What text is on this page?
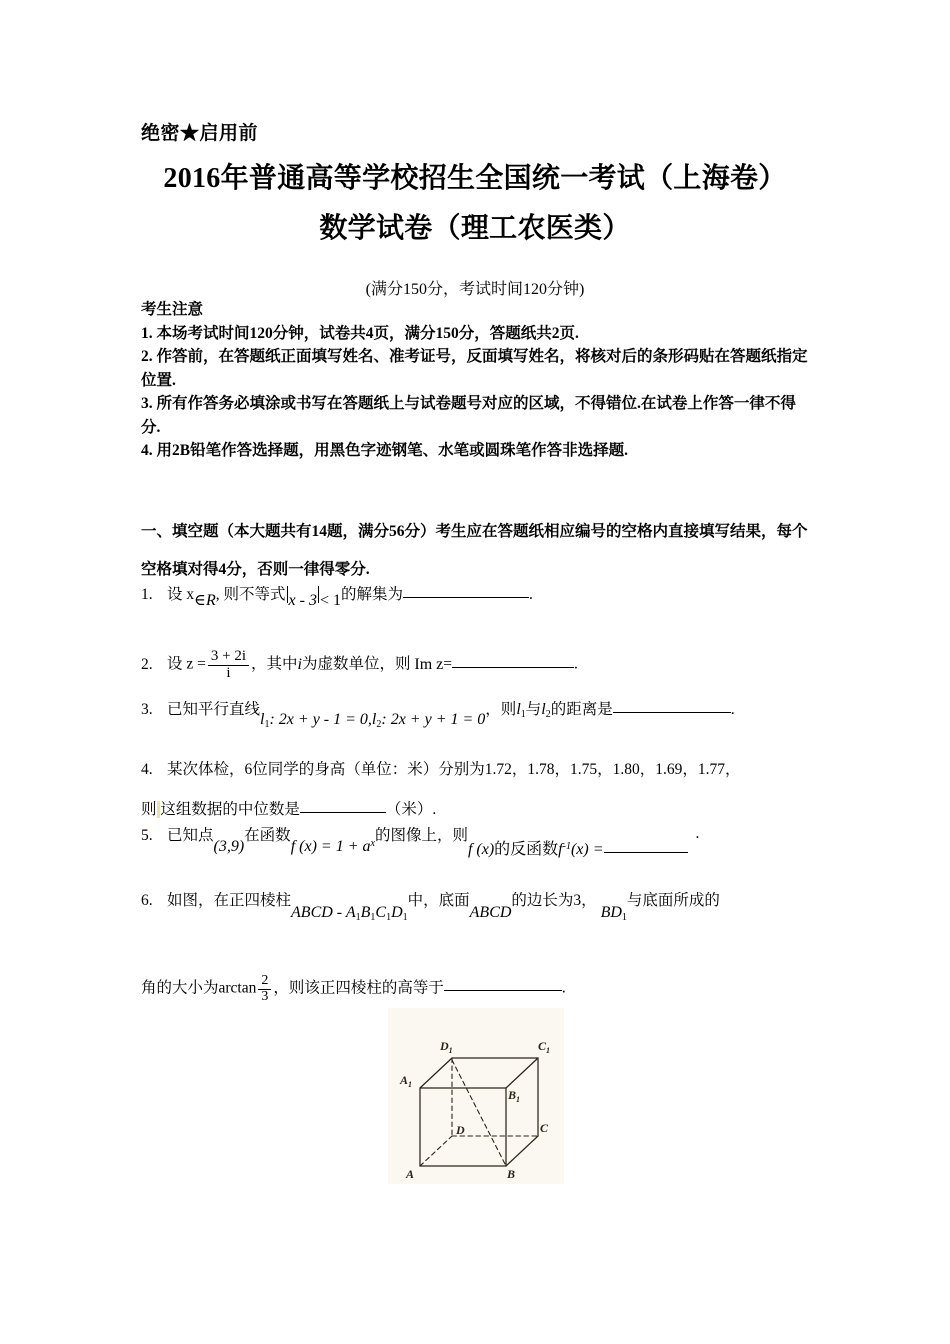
绝密★启用前
2016年普通高等学校招生全国统一考试（上海卷）
数学试卷（理工农医类）
(满分150分，考试时间120分钟)

考生注意

1. 本场考试时间120分钟，试卷共4页，满分150分，答题纸共2页.

2. 作答前，在答题纸正面填写姓名、准考证号，反面填写姓名，将核对后的条形码贴在答题纸指定位置.

3. 所有作答务必填涂或书写在答题纸上与试卷题号对应的区域，不得错位.在试卷上作答一律不得分.

4. 用2B铅笔作答选择题，用黑色字迹钢笔、水笔或圆珠笔作答非选择题.

一、填空题（本大题共有14题，满分56分）考生应在答题纸相应编号的空格内直接填写结果，每个空格填对得4分，否则一律得零分.
1. 设 x∈R, 则不等式 x - 3 < 1的解集为	.
2. 设 $z = \frac{3 + 2i}{i}$ ，其中i为虚数单位，则 Im z=	.
3. 已知平行直线$l_1$: $2x + y - 1 = 0,l_2$: 2x + y + 1 = 0，则$l_1$与$l_2$的距离是	.
4. 某次体检，6位同学的身高（单位：米）分别为1.72，1.78，1.75，1.80，1.69，1.77，
则 这组数据的中位数是	（米）.
5. 已知点(3,9)在函数f $(x) = 1 + a^x$的图像上，则f (x)的反函数$f^{-1}(x)$ =.
6. 如图，在正四棱柱ABCD - $A_1B_1C_1D_1$中，底面ABCD的边长为3， $BD_1$与底面所成的
角的大小为$\arctan \frac{2}{3}$ ，则该正四棱柱的高等于	.
$D_1$	$C_1$
$A_1$
$B_1$
D	C
A	B
